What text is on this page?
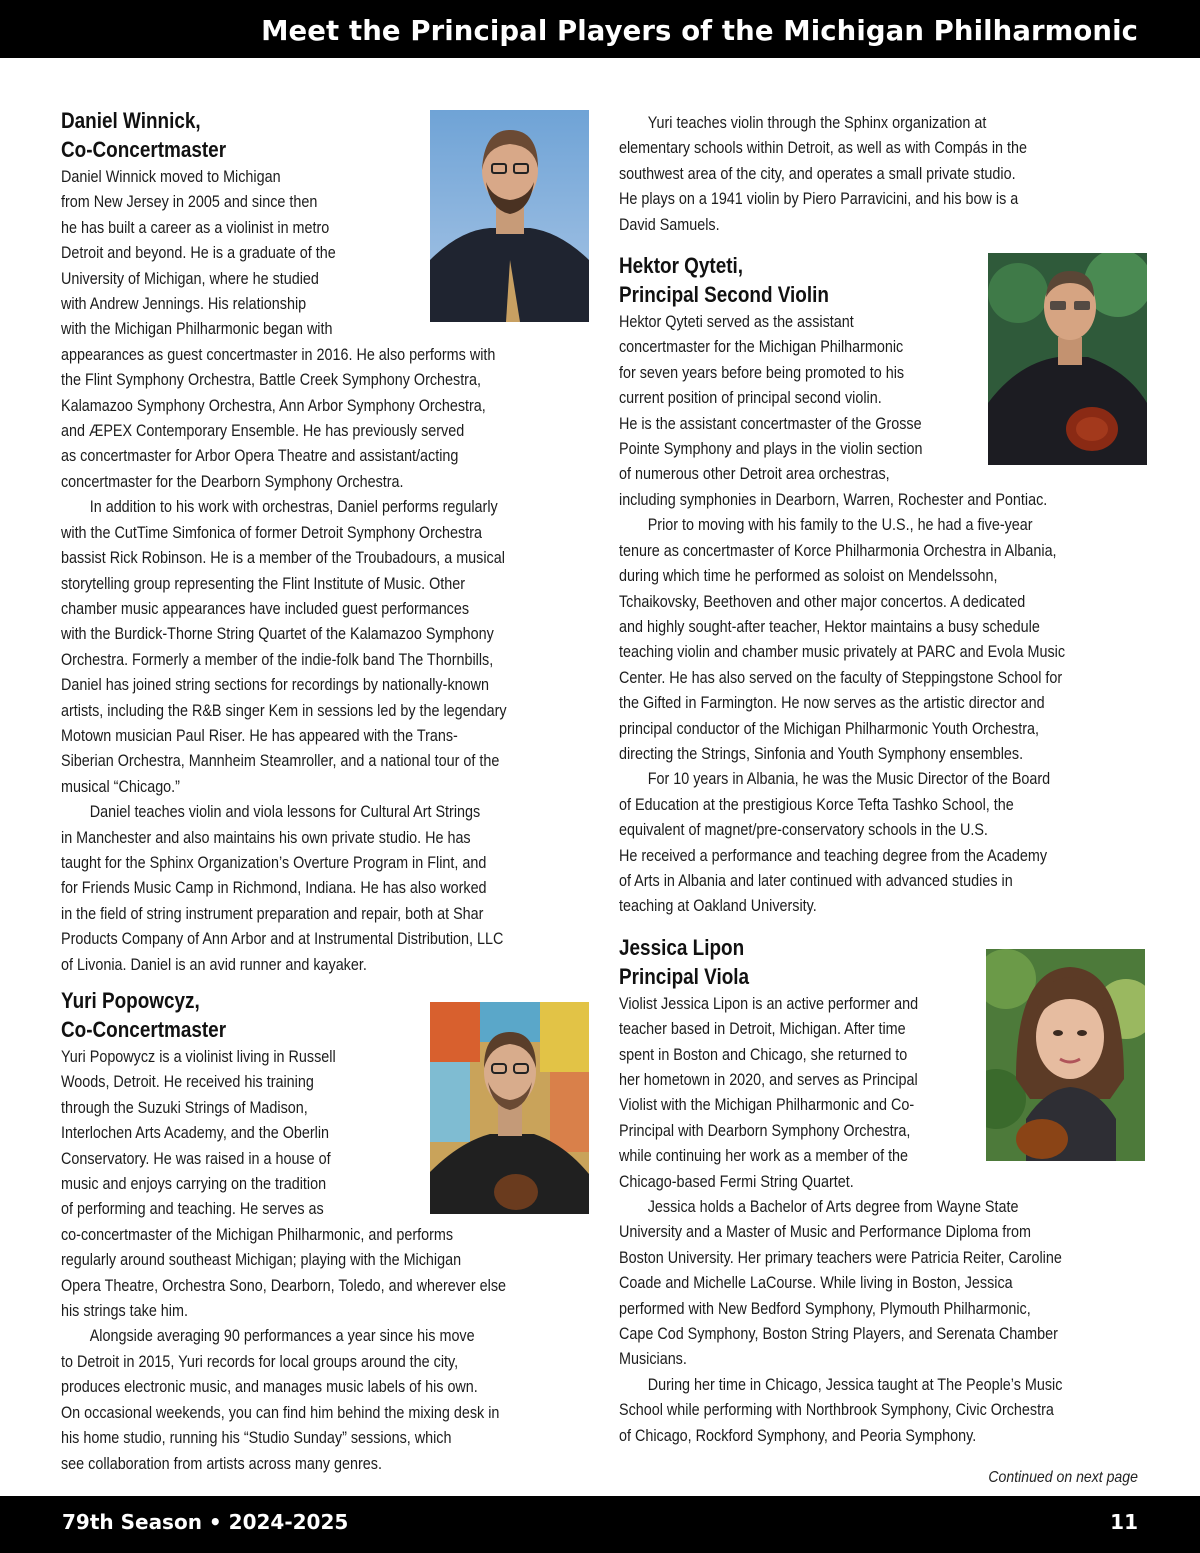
Meet the Principal Players of the Michigan Philharmonic
Daniel Winnick,
Co-Concertmaster

Daniel Winnick moved to Michigan

from New Jersey in 2005 and since then

he has built a career as a violinist in metro

Detroit and beyond. He is a graduate of the

University of Michigan, where he studied

with Andrew Jennings. His relationship

with the Michigan Philharmonic began with

appearances as guest concertmaster in 2016. He also performs with

the Flint Symphony Orchestra, Battle Creek Symphony Orchestra,

Kalamazoo Symphony Orchestra, Ann Arbor Symphony Orchestra,

and ÆPEX Contemporary Ensemble. He has previously served

as concertmaster for Arbor Opera Theatre and assistant/acting

concertmaster for the Dearborn Symphony Orchestra.

In addition to his work with orchestras, Daniel performs regularly

with the CutTime Simfonica of former Detroit Symphony Orchestra

bassist Rick Robinson. He is a member of the Troubadours, a musical

storytelling group representing the Flint Institute of Music. Other

chamber music appearances have included guest performances

with the Burdick-Thorne String Quartet of the Kalamazoo Symphony

Orchestra. Formerly a member of the indie-folk band The Thornbills,

Daniel has joined string sections for recordings by nationally-known

artists, including the R&B singer Kem in sessions led by the legendary

Motown musician Paul Riser. He has appeared with the Trans-

Siberian Orchestra, Mannheim Steamroller, and a national tour of the

musical “Chicago.”

Daniel teaches violin and viola lessons for Cultural Art Strings

in Manchester and also maintains his own private studio. He has

taught for the Sphinx Organization’s Overture Program in Flint, and

for Friends Music Camp in Richmond, Indiana. He has also worked

in the field of string instrument preparation and repair, both at Shar

Products Company of Ann Arbor and at Instrumental Distribution, LLC

of Livonia. Daniel is an avid runner and kayaker.

Yuri Popowcyz,
Co-Concertmaster

Yuri Popowycz is a violinist living in Russell

Woods, Detroit. He received his training

through the Suzuki Strings of Madison,

Interlochen Arts Academy, and the Oberlin

Conservatory. He was raised in a house of

music and enjoys carrying on the tradition

of performing and teaching. He serves as

co-concertmaster of the Michigan Philharmonic, and performs

regularly around southeast Michigan; playing with the Michigan

Opera Theatre, Orchestra Sono, Dearborn, Toledo, and wherever else

his strings take him.

Alongside averaging 90 performances a year since his move

to Detroit in 2015, Yuri records for local groups around the city,

produces electronic music, and manages music labels of his own.

On occasional weekends, you can find him behind the mixing desk in

his home studio, running his “Studio Sunday” sessions, which

see collaboration from artists across many genres.

Yuri teaches violin through the Sphinx organization at

elementary schools within Detroit, as well as with Compás in the

southwest area of the city, and operates a small private studio.

He plays on a 1941 violin by Piero Parravicini, and his bow is a

David Samuels.

Hektor Qyteti,
Principal Second Violin

Hektor Qyteti served as the assistant

concertmaster for the Michigan Philharmonic

for seven years before being promoted to his

current position of principal second violin.

He is the assistant concertmaster of the Grosse

Pointe Symphony and plays in the violin section

of numerous other Detroit area orchestras,

including symphonies in Dearborn, Warren, Rochester and Pontiac.

Prior to moving with his family to the U.S., he had a five-year

tenure as concertmaster of Korce Philharmonia Orchestra in Albania,

during which time he performed as soloist on Mendelssohn,

Tchaikovsky, Beethoven and other major concertos. A dedicated

and highly sought-after teacher, Hektor maintains a busy schedule

teaching violin and chamber music privately at PARC and Evola Music

Center. He has also served on the faculty of Steppingstone School for

the Gifted in Farmington. He now serves as the artistic director and

principal conductor of the Michigan Philharmonic Youth Orchestra,

directing the Strings, Sinfonia and Youth Symphony ensembles.

For 10 years in Albania, he was the Music Director of the Board

of Education at the prestigious Korce Tefta Tashko School, the

equivalent of magnet/pre-conservatory schools in the U.S.

He received a performance and teaching degree from the Academy

of Arts in Albania and later continued with advanced studies in

teaching at Oakland University.

Jessica Lipon
Principal Viola

Violist Jessica Lipon is an active performer and

teacher based in Detroit, Michigan. After time

spent in Boston and Chicago, she returned to

her hometown in 2020, and serves as Principal

Violist with the Michigan Philharmonic and Co-

Principal with Dearborn Symphony Orchestra,

while continuing her work as a member of the

Chicago-based Fermi String Quartet.

Jessica holds a Bachelor of Arts degree from Wayne State

University and a Master of Music and Performance Diploma from

Boston University. Her primary teachers were Patricia Reiter, Caroline

Coade and Michelle LaCourse. While living in Boston, Jessica

performed with New Bedford Symphony, Plymouth Philharmonic,

Cape Cod Symphony, Boston String Players, and Serenata Chamber

Musicians.

During her time in Chicago, Jessica taught at The People’s Music

School while performing with Northbrook Symphony, Civic Orchestra

of Chicago, Rockford Symphony, and Peoria Symphony.

Continued on next page
79th Season • 2024-2025	11
